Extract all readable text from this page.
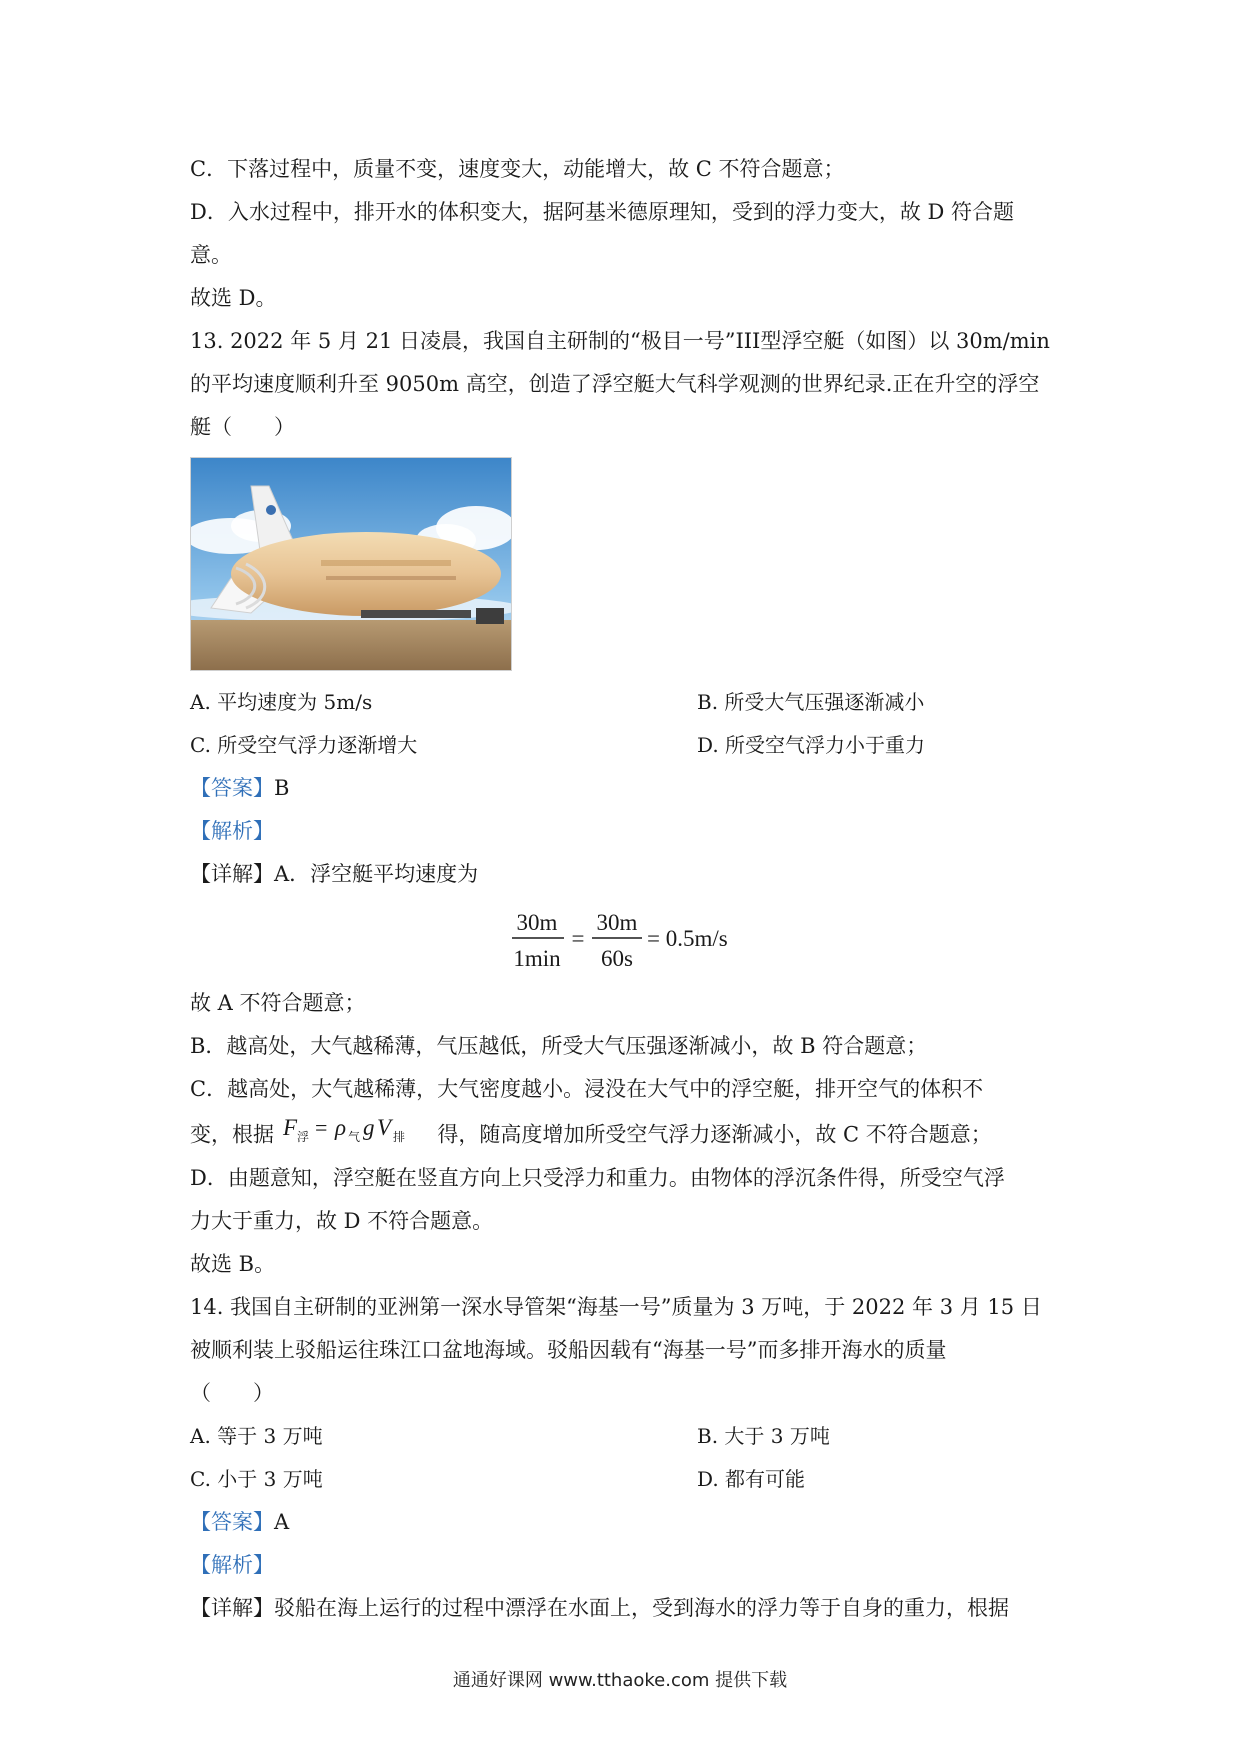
C．下落过程中，质量不变，速度变大，动能增大，故 C 不符合题意；
D．入水过程中，排开水的体积变大，据阿基米德原理知，受到的浮力变大，故 D 符合题
意。
故选 D。
13. 2022 年 5 月 21 日凌晨，我国自主研制的“极目一号”III型浮空艇（如图）以 30m/min
的平均速度顺利升至 9050m 高空，创造了浮空艇大气科学观测的世界纪录.正在升空的浮空
艇（　　）
A. 平均速度为 5m/s	B. 所受大气压强逐渐减小
C. 所受空气浮力逐渐增大	D. 所受空气浮力小于重力
【答案】B
【解析】
【详解】A．浮空艇平均速度为
30m
1min
=
30m
60s
= 0.5m/s
故 A 不符合题意；
B．越高处，大气越稀薄，气压越低，所受大气压强逐渐减小，故 B 符合题意；
C．越高处，大气越稀薄，大气密度越小。浸没在大气中的浮空艇，排开空气的体积不
变，根据 F 浮 = ρ 气 g V 排 得，随高度增加所受空气浮力逐渐减小，故 C 不符合题意；
D．由题意知，浮空艇在竖直方向上只受浮力和重力。由物体的浮沉条件得，所受空气浮
力大于重力，故 D 不符合题意。
故选 B。
14. 我国自主研制的亚洲第一深水导管架“海基一号”质量为 3 万吨，于 2022 年 3 月 15 日
被顺利装上驳船运往珠江口盆地海域。驳船因载有“海基一号”而多排开海水的质量
（　　）
A. 等于 3 万吨	B. 大于 3 万吨
C. 小于 3 万吨	D. 都有可能
【答案】A
【解析】
【详解】驳船在海上运行的过程中漂浮在水面上，受到海水的浮力等于自身的重力，根据
通通好课网 www.tthaoke.com 提供下载
